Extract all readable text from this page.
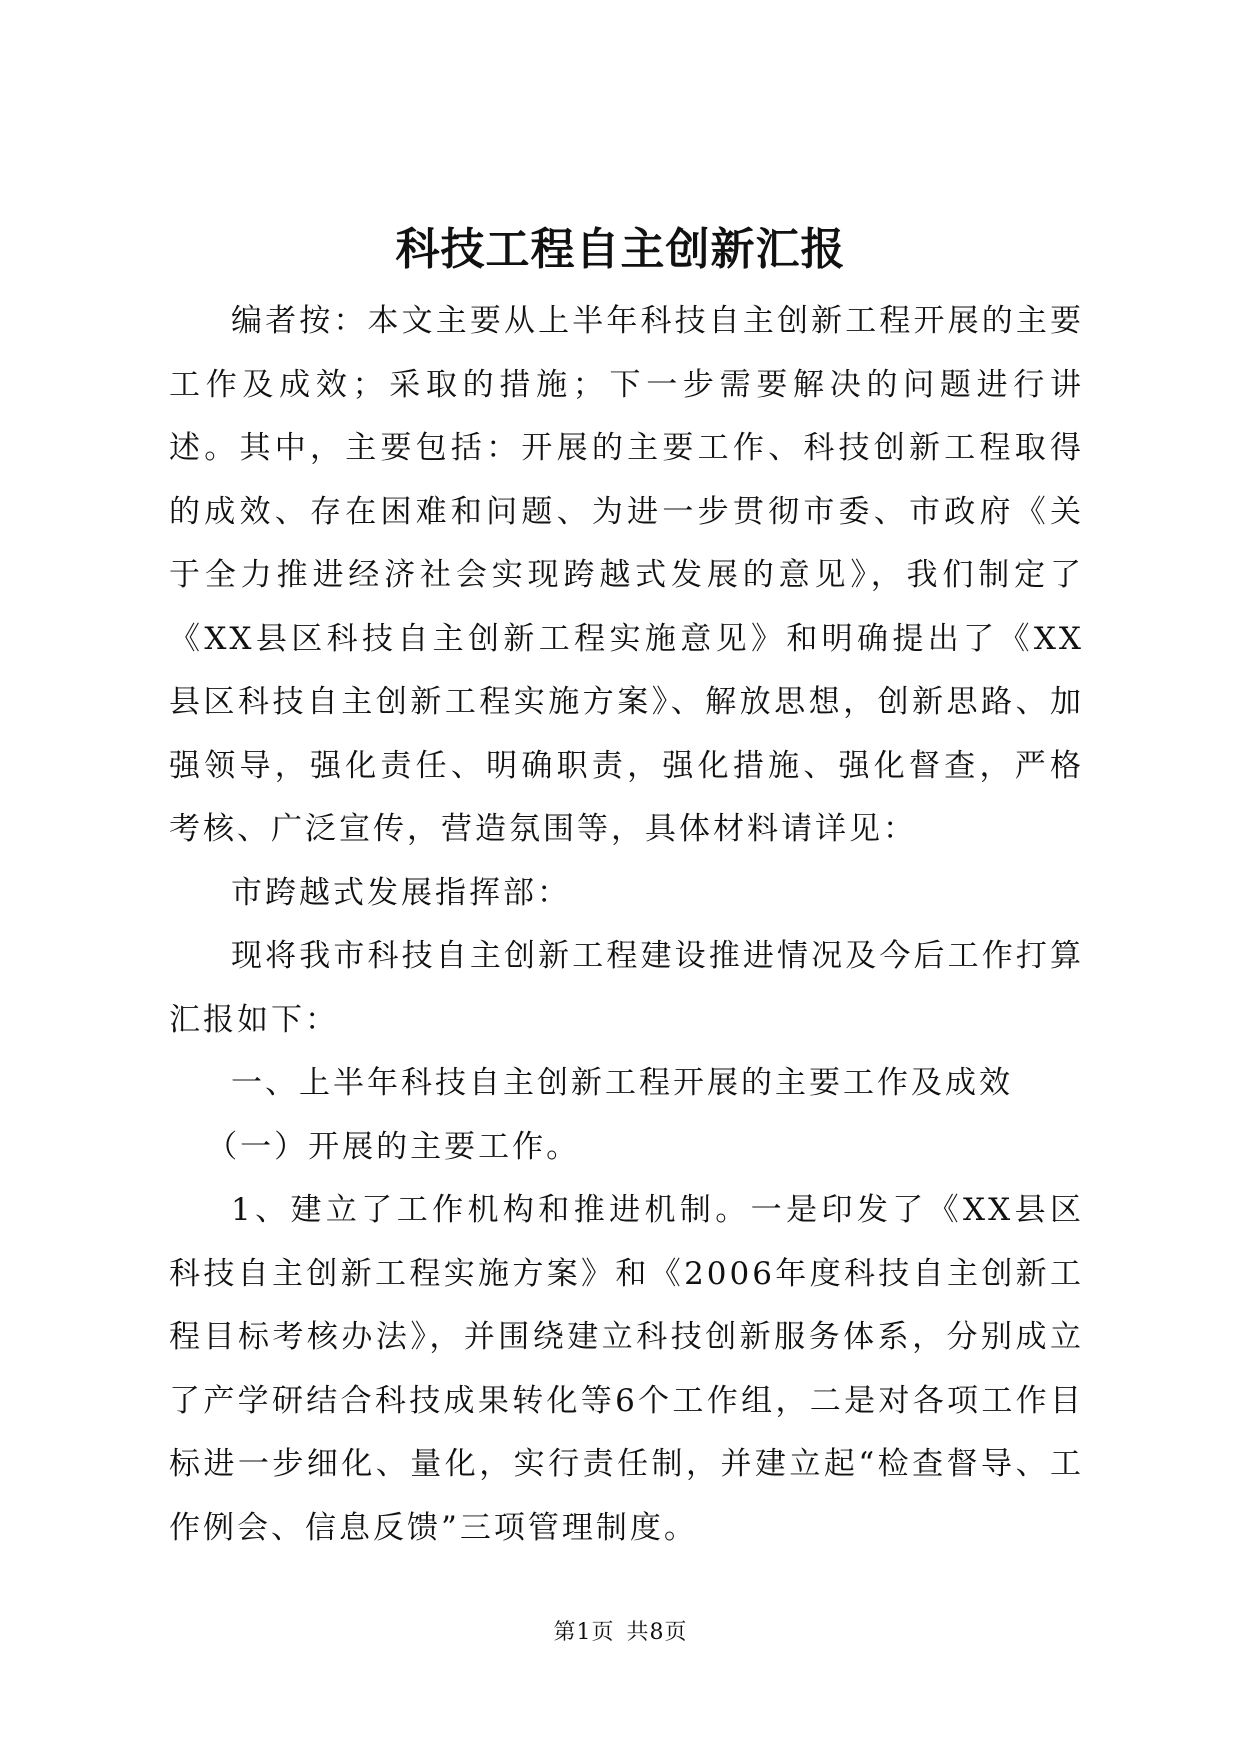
科技工程自主创新汇报

编者按：本文主要从上半年科技自主创新工程开展的主要工作及成效；采取的措施；下一步需要解决的问题进行讲述。其中，主要包括：开展的主要工作、科技创新工程取得的成效、存在困难和问题、为进一步贯彻市委、市政府《关于全力推进经济社会实现跨越式发展的意见》，我们制定了《XX县区科技自主创新工程实施意见》和明确提出了《XX县区科技自主创新工程实施方案》、解放思想，创新思路、加强领导，强化责任、明确职责，强化措施、强化督查，严格考核、广泛宣传，营造氛围等，具体材料请详见：

市跨越式发展指挥部：

现将我市科技自主创新工程建设推进情况及今后工作打算汇报如下：

一、上半年科技自主创新工程开展的主要工作及成效

（一）开展的主要工作。

1、建立了工作机构和推进机制。一是印发了《XX县区科技自主创新工程实施方案》和《2006年度科技自主创新工程目标考核办法》，并围绕建立科技创新服务体系，分别成立了产学研结合科技成果转化等6个工作组，二是对各项工作目标进一步细化、量化，实行责任制，并建立起“检查督导、工作例会、信息反馈”三项管理制度。

第1页 共8页
